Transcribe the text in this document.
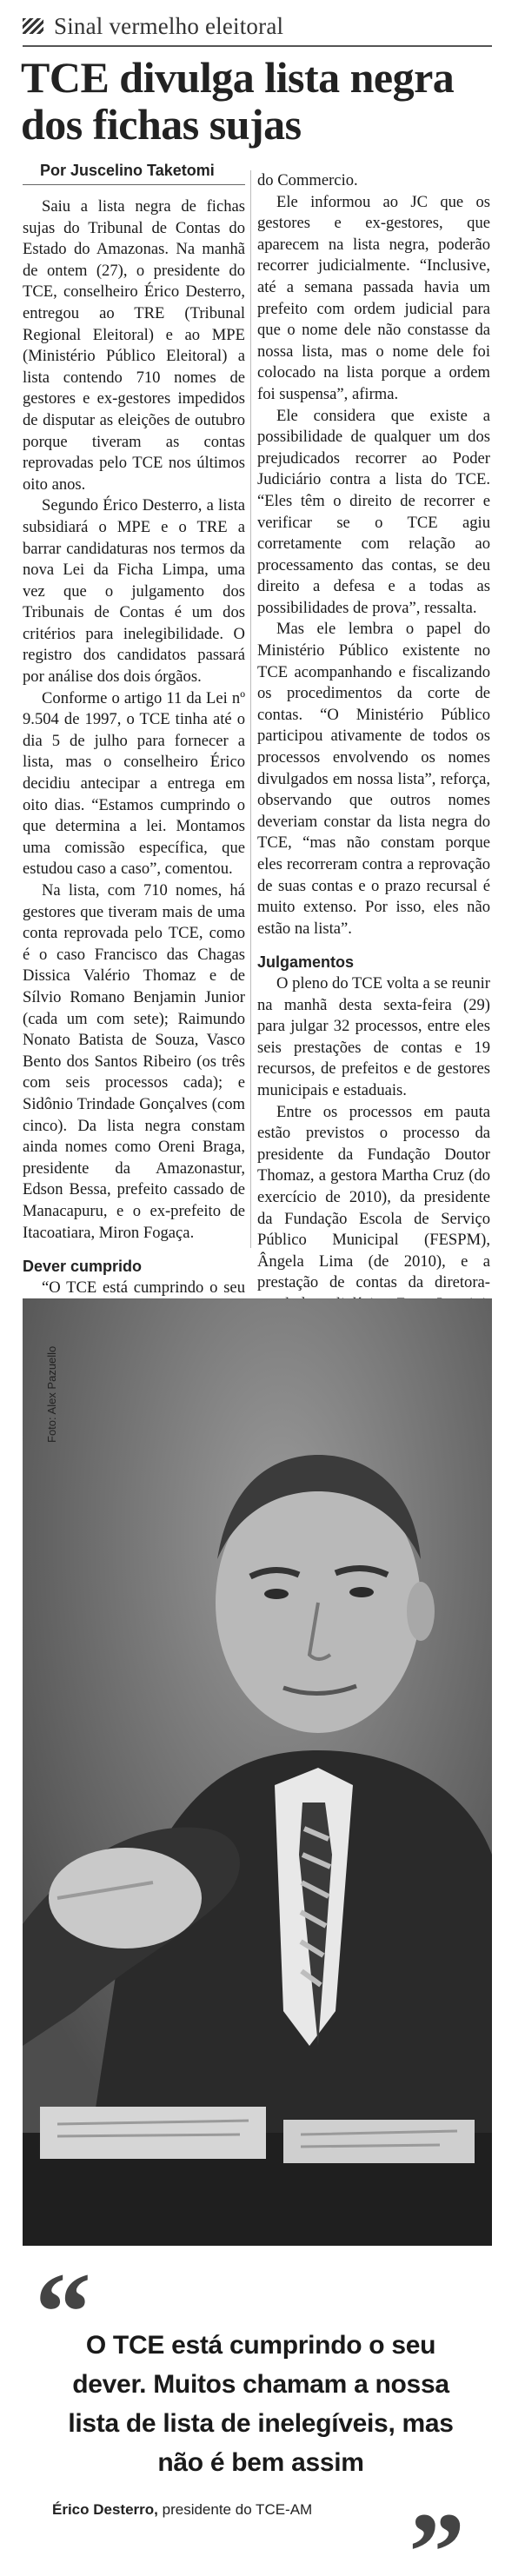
Sinal vermelho eleitoral
TCE divulga lista negra dos fichas sujas
Por Juscelino Taketomi

Saiu a lista negra de fichas sujas do Tribunal de Contas do Estado do Amazonas. Na manhã de ontem (27), o presidente do TCE, conselheiro Érico Desterro, entregou ao TRE (Tribunal Regional Eleitoral) e ao MPE (Ministério Público Eleitoral) a lista contendo 710 nomes de gestores e ex-gestores impedidos de disputar as eleições de outubro porque tiveram as contas reprovadas pelo TCE nos últimos oito anos.

Segundo Érico Desterro, a lista subsidiará o MPE e o TRE a barrar candidaturas nos termos da nova Lei da Ficha Limpa, uma vez que o julgamento dos Tribunais de Contas é um dos critérios para inelegibilidade. O registro dos candidatos passará por análise dos dois órgãos.

Conforme o artigo 11 da Lei nº 9.504 de 1997, o TCE tinha até o dia 5 de julho para fornecer a lista, mas o conselheiro Érico decidiu antecipar a entrega em oito dias. “Estamos cumprindo o que determina a lei. Montamos uma comissão específica, que estudou caso a caso”, comentou.

Na lista, com 710 nomes, há gestores que tiveram mais de uma conta reprovada pelo TCE, como é o caso Francisco das Chagas Dissica Valério Thomaz e de Sílvio Romano Benjamin Junior (cada um com sete); Raimundo Nonato Batista de Souza, Vasco Bento dos Santos Ribeiro (os três com seis processos cada); e Sidônio Trindade Gonçalves (com cinco). Da lista negra constam ainda nomes como Oreni Braga, presidente da Amazonastur, Edson Bessa, prefeito cassado de Manacapuru, e o ex-prefeito de Itacoatiara, Miron Fogaça.

Dever cumprido

“O TCE está cumprindo o seu

do Commercio.

Ele informou ao JC que os gestores e ex-gestores, que aparecem na lista negra, poderão recorrer judicialmente. “Inclusive, até a semana passada havia um prefeito com ordem judicial para que o nome dele não constasse da nossa lista, mas o nome dele foi colocado na lista porque a ordem foi suspensa”, afirma.

Ele considera que existe a possibilidade de qualquer um dos prejudicados recorrer ao Poder Judiciário contra a lista do TCE. “Eles têm o direito de recorrer e verificar se o TCE agiu corretamente com relação ao processamento das contas, se deu direito a defesa e a todas as possibilidades de prova”, ressalta.

Mas ele lembra o papel do Ministério Público existente no TCE acompanhando e fiscalizando os procedimentos da corte de contas. “O Ministério Público participou ativamente de todos os processos envolvendo os nomes divulgados em nossa lista”, reforça, observando que outros nomes deveriam constar da lista negra do TCE, “mas não constam porque eles recorreram contra a reprovação de suas contas e o prazo recursal é muito extenso. Por isso, eles não estão na lista”.

Julgamentos

O pleno do TCE volta a se reunir na manhã desta sexta-feira (29) para julgar 32 processos, entre eles seis prestações de contas e 19 recursos, de prefeitos e de gestores municipais e estaduais.

Entre os processos em pauta estão previstos o processo da presidente da Fundação Doutor Thomaz, a gestora Martha Cruz (do exercício de 2010), da presidente da Fundação Escola de Serviço Público Municipal (FESPM), Ângela Lima (de 2010), e a prestação de contas da diretora-

Foto: Alex Pazuello
“
O TCE está cumprindo o seu dever. Muitos chamam a nossa lista de lista de inelegíveis, mas não é bem assim
Érico Desterro, presidente do TCE-AM ”
